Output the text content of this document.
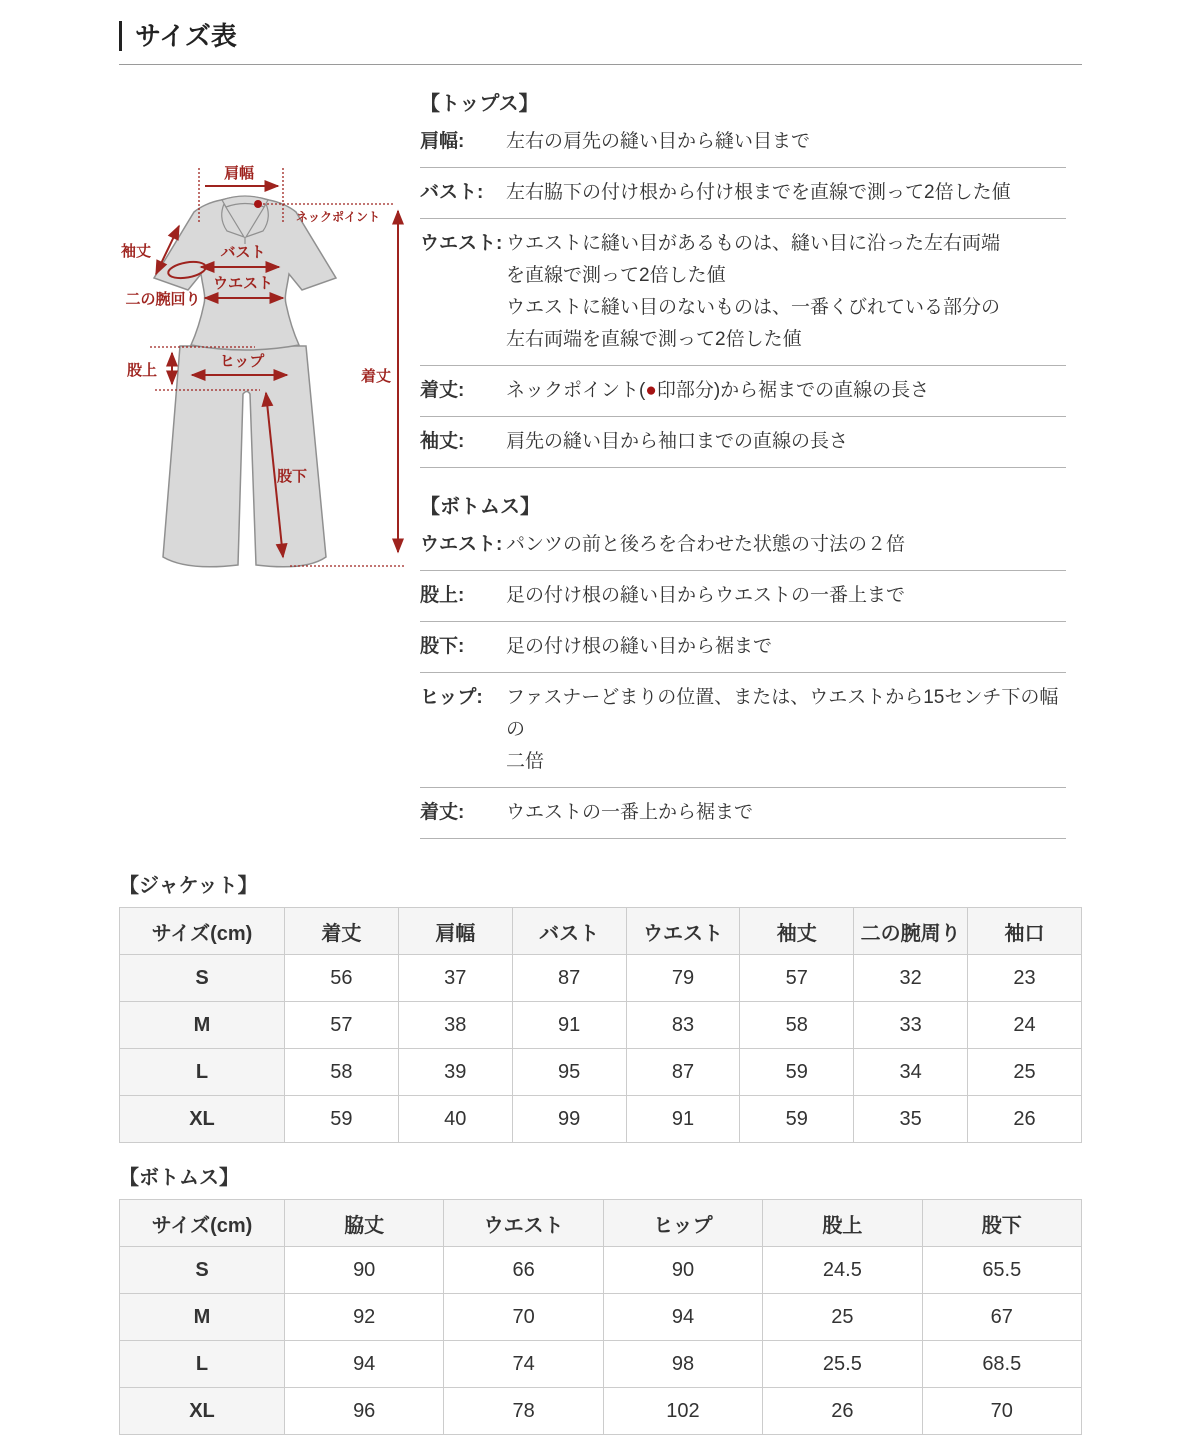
サイズ表
肩幅
ネックポイント
着丈
袖丈
二の腕回り
バスト
ウエスト
股上
ヒップ
股下
【トップス】
肩幅:	左右の肩先の縫い目から縫い目まで
バスト:	左右脇下の付け根から付け根までを直線で測って2倍した値
ウエスト: ウエストに縫い目があるものは、縫い目に沿った左右両端
を直線で測って2倍した値
ウエストに縫い目のないものは、一番くびれている部分の
左右両端を直線で測って2倍した値
着丈:	ネックポイント(●印部分)から裾までの直線の長さ
袖丈:	肩先の縫い目から袖口までの直線の長さ
【ボトムス】
ウエスト: パンツの前と後ろを合わせた状態の寸法の２倍
股上:	足の付け根の縫い目からウエストの一番上まで
股下:	足の付け根の縫い目から裾まで
ヒップ:	ファスナーどまりの位置、または、ウエストから15センチ下の幅の
二倍
着丈:	ウエストの一番上から裾まで
【ジャケット】
サイズ(cm)	着丈	肩幅	バスト	ウエスト	袖丈	二の腕周り	袖口
S	56	37	87	79	57	32	23
M	57	38	91	83	58	33	24
L	58	39	95	87	59	34	25
XL	59	40	99	91	59	35	26
【ボトムス】
サイズ(cm)	脇丈	ウエスト	ヒップ	股上	股下
S	90	66	90	24.5	65.5
M	92	70	94	25	67
L	94	74	98	25.5	68.5
XL	96	78	102	26	70
